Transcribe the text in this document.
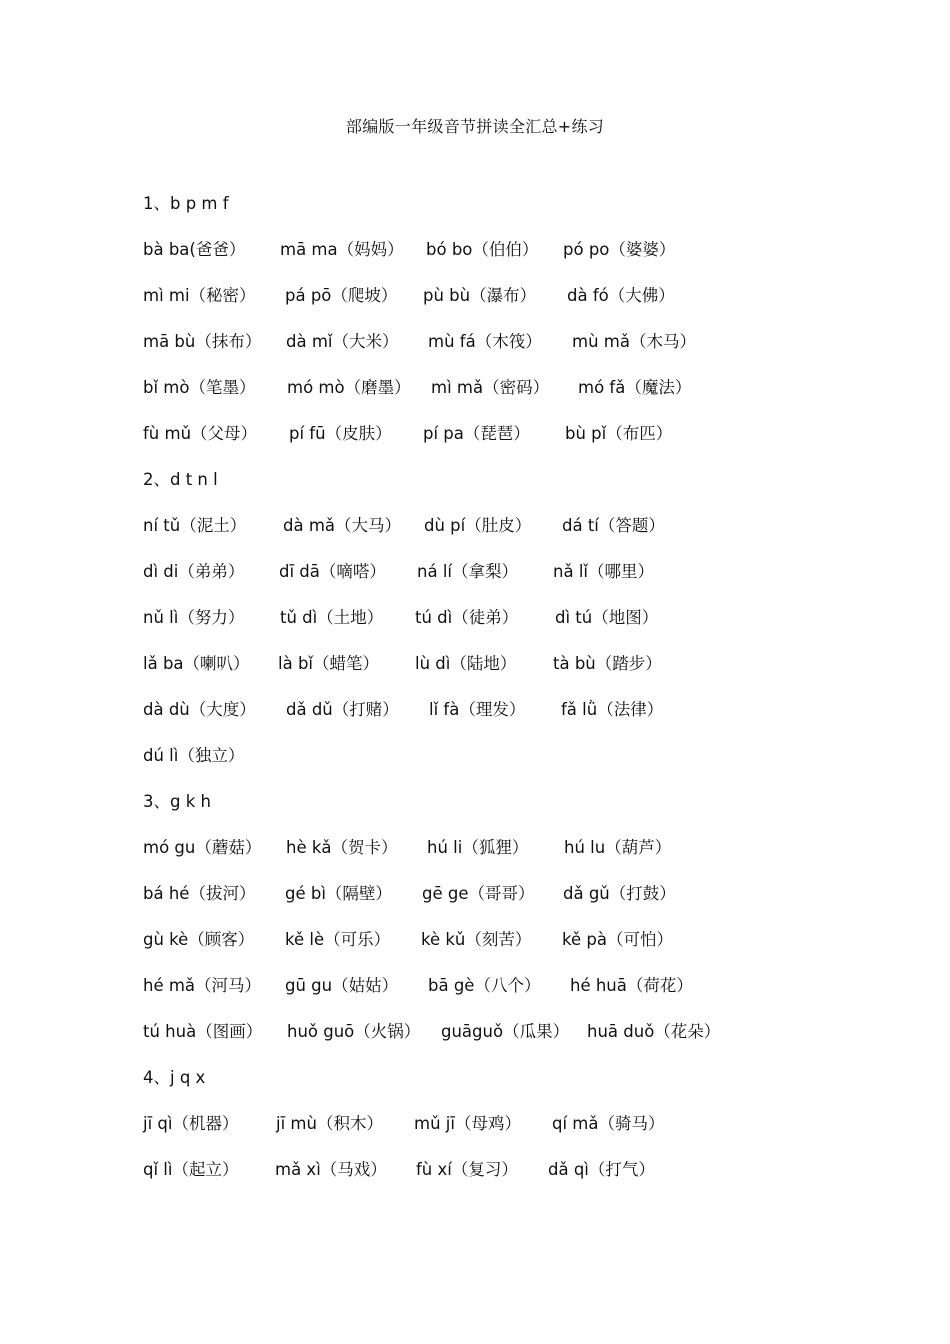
部编版一年级音节拼读全汇总+练习
1、b p m f
bà ba(爸爸） mā ma（妈妈） bó bo（伯伯） pó po（婆婆）
mì mi（秘密） pá pō（爬坡） pù bù（瀑布） dà fó（大佛）
mā bù（抹布） dà mǐ（大米） mù fá（木筏） mù mǎ（木马）
bǐ mò（笔墨） mó mò（磨墨） mì mǎ（密码） mó fǎ（魔法）
fù mǔ（父母） pí fū（皮肤） pí pa（琵琶） bù pǐ（布匹）
2、d t n l
ní tǔ（泥土） dà mǎ（大马） dù pí（肚皮） dá tí（答题）
dì di（弟弟） dī dā（嘀嗒） ná lí（拿梨） nǎ lǐ（哪里）
nǔ lì（努力） tǔ dì（土地） tú dì（徒弟） dì tú（地图）
lǎ ba（喇叭） là bǐ（蜡笔） lù dì（陆地） tà bù（踏步）
dà dù（大度） dǎ dǔ（打赌） lǐ fà（理发） fǎ lǜ（法律）
dú lì（独立）
3、g k h
mó gu（蘑菇） hè kǎ（贺卡） hú li（狐狸） hú lu（葫芦）
bá hé（拔河） gé bì（隔壁） gē ge（哥哥） dǎ gǔ（打鼓）
gù kè（顾客） kě lè（可乐） kè kǔ（刻苦） kě pà（可怕）
hé mǎ（河马） gū gu（姑姑） bā gè（八个） hé huā（荷花）
tú huà（图画） huǒ guō（火锅） guāguǒ（瓜果） huā duǒ（花朵）
4、j q x
jī qì（机器） jī mù（积木） mǔ jī（母鸡） qí mǎ（骑马）
qǐ lì（起立） mǎ xì（马戏） fù xí（复习） dǎ qì（打气）
